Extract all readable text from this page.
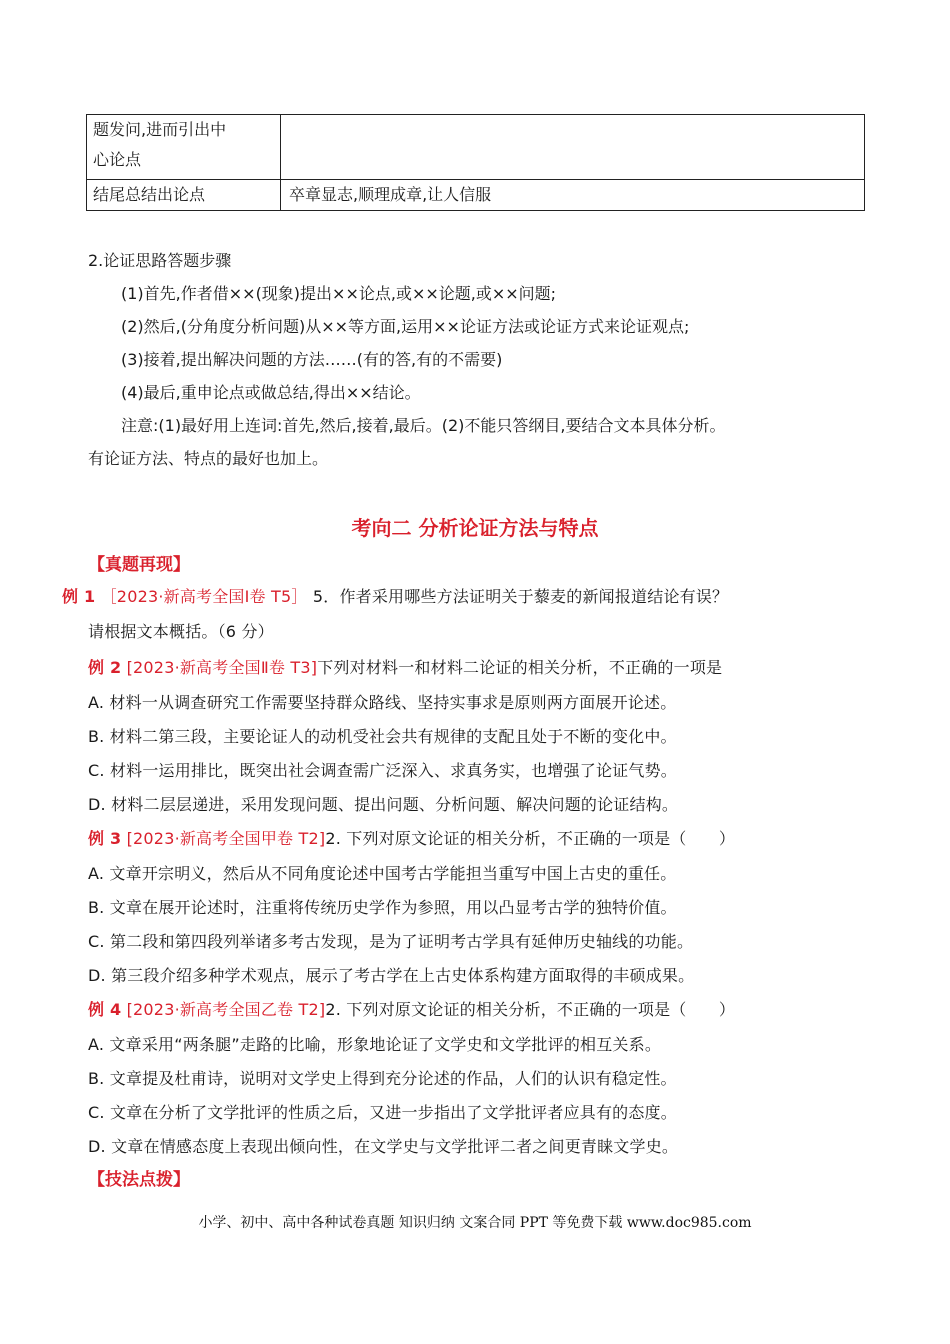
题发问,进而引出中
心论点	

结尾总结出论点	卒章显志,顺理成章,让人信服
2.论证思路答题步骤
(1)首先,作者借××(现象)提出××论点,或××论题,或××问题;
(2)然后,(分角度分析问题)从××等方面,运用××论证方法或论证方式来论证观点;
(3)接着,提出解决问题的方法……(有的答,有的不需要)
(4)最后,重申论点或做总结,得出××结论。
注意:(1)最好用上连词:首先,然后,接着,最后。(2)不能只答纲目,要结合文本具体分析。
有论证方法、特点的最好也加上。
考向二 分析论证方法与特点
【真题再现】
例 1 ［2023·新高考全国Ⅰ卷 T5］ 5．作者采用哪些方法证明关于藜麦的新闻报道结论有误？
请根据文本概括。（6 分）
例 2 [2023·新高考全国Ⅱ卷 T3]下列对材料一和材料二论证的相关分析，不正确的一项是
A. 材料一从调查研究工作需要坚持群众路线、坚持实事求是原则两方面展开论述。
B. 材料二第三段，主要论证人的动机受社会共有规律的支配且处于不断的变化中。
C. 材料一运用排比，既突出社会调查需广泛深入、求真务实，也增强了论证气势。
D. 材料二层层递进，采用发现问题、提出问题、分析问题、解决问题的论证结构。
例 3 [2023·新高考全国甲卷 T2]2. 下列对原文论证的相关分析，不正确的一项是（　　）
A. 文章开宗明义，然后从不同角度论述中国考古学能担当重写中国上古史的重任。
B. 文章在展开论述时，注重将传统历史学作为参照，用以凸显考古学的独特价值。
C. 第二段和第四段列举诸多考古发现，是为了证明考古学具有延伸历史轴线的功能。
D. 第三段介绍多种学术观点，展示了考古学在上古史体系构建方面取得的丰硕成果。
例 4 [2023·新高考全国乙卷 T2]2. 下列对原文论证的相关分析，不正确的一项是（　　）
A. 文章采用“两条腿”走路的比喻，形象地论证了文学史和文学批评的相互关系。
B. 文章提及杜甫诗，说明对文学史上得到充分论述的作品，人们的认识有稳定性。
C. 文章在分析了文学批评的性质之后，又进一步指出了文学批评者应具有的态度。
D. 文章在情感态度上表现出倾向性，在文学史与文学批评二者之间更青睐文学史。
【技法点拨】
小学、初中、高中各种试卷真题 知识归纳 文案合同 PPT 等免费下载 www.doc985.com
